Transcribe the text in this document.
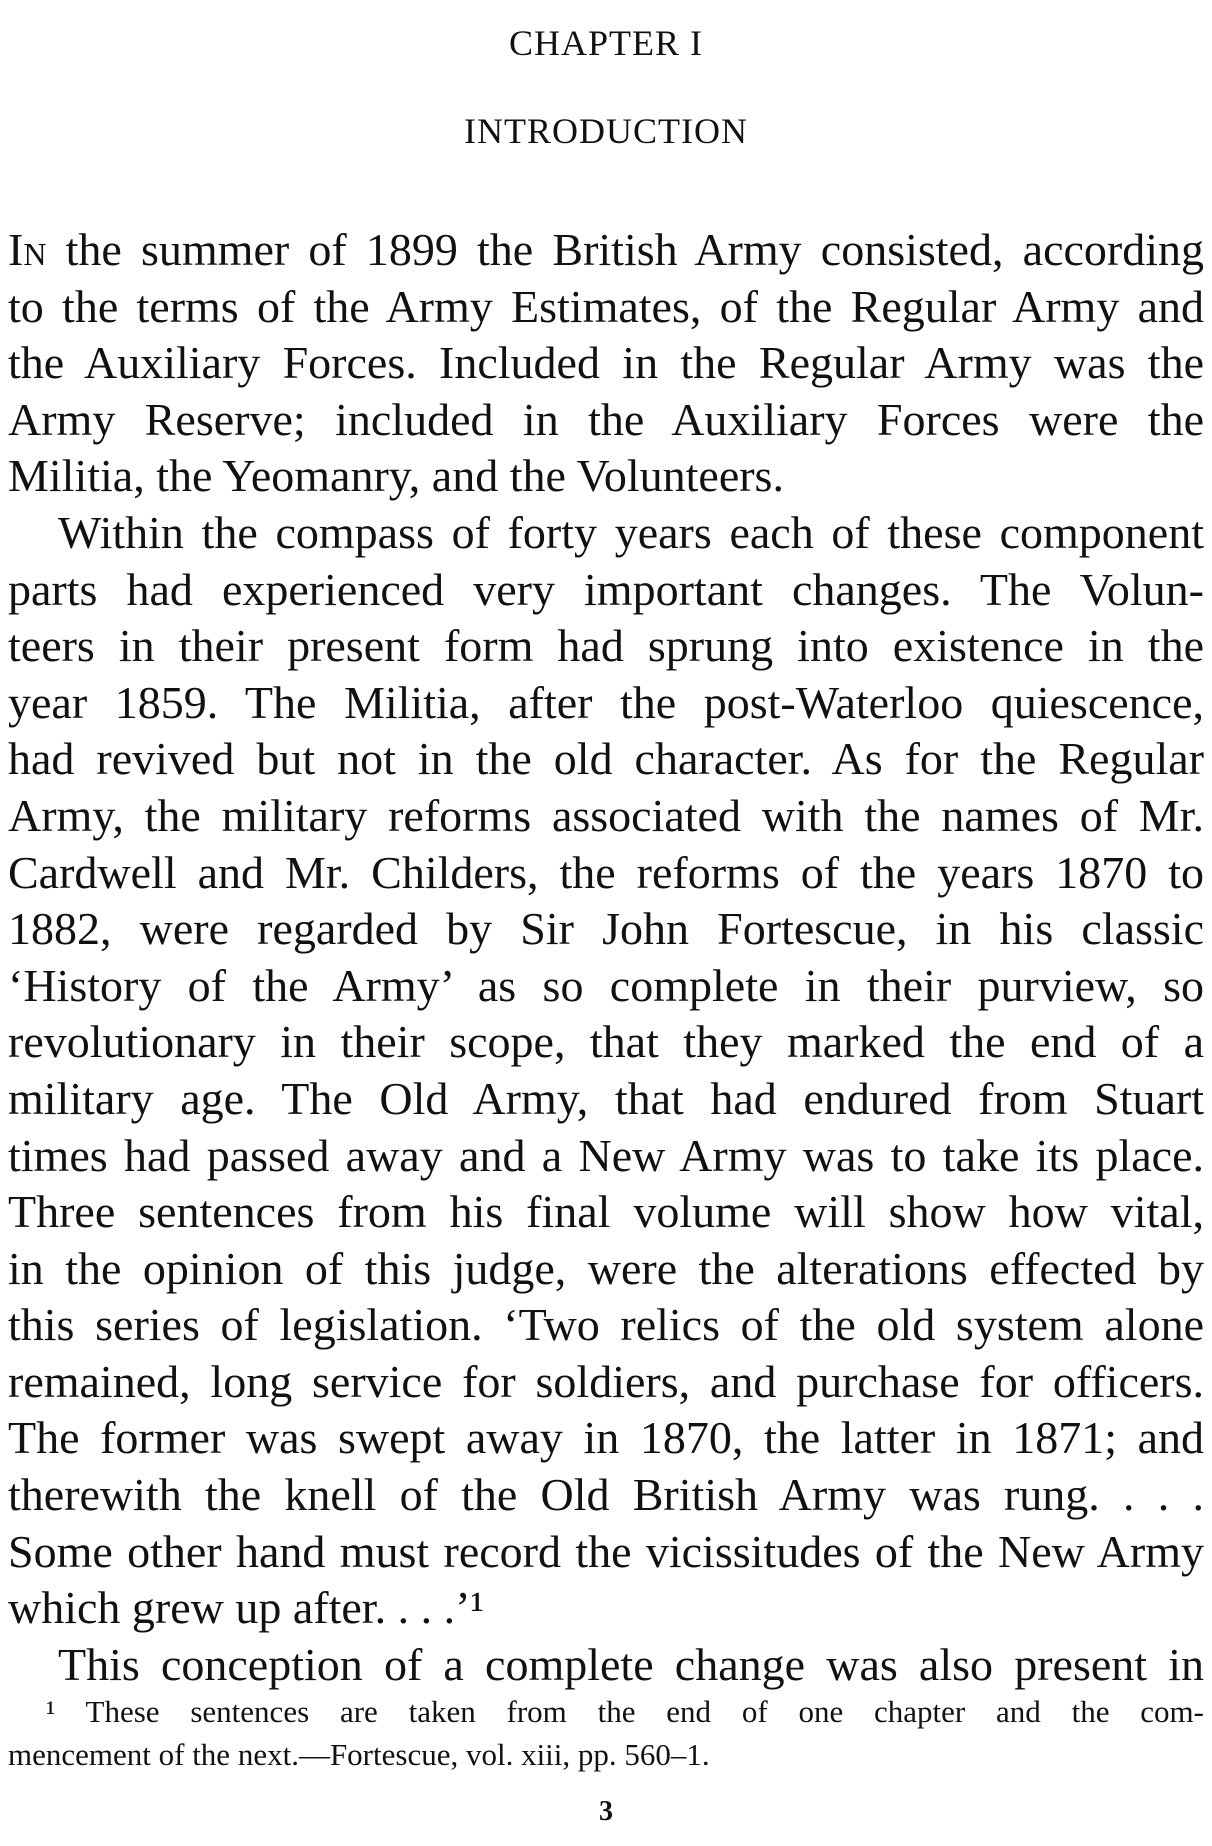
CHAPTER I
INTRODUCTION
In the summer of 1899 the British Army consisted, according
to the terms of the Army Estimates, of the Regular Army and
the Auxiliary Forces. Included in the Regular Army was the
Army Reserve; included in the Auxiliary Forces were the
Militia, the Yeomanry, and the Volunteers.
Within the compass of forty years each of these component
parts had experienced very important changes. The Volun-
teers in their present form had sprung into existence in the
year 1859. The Militia, after the post-Waterloo quiescence,
had revived but not in the old character. As for the Regular
Army, the military reforms associated with the names of Mr.
Cardwell and Mr. Childers, the reforms of the years 1870 to
1882, were regarded by Sir John Fortescue, in his classic
‘History of the Army’ as so complete in their purview, so
revolutionary in their scope, that they marked the end of a
military age. The Old Army, that had endured from Stuart
times had passed away and a New Army was to take its place.
Three sentences from his final volume will show how vital,
in the opinion of this judge, were the alterations effected by
this series of legislation. ‘Two relics of the old system alone
remained, long service for soldiers, and purchase for officers.
The former was swept away in 1870, the latter in 1871; and
therewith the knell of the Old British Army was rung. . . .
Some other hand must record the vicissitudes of the New Army
which grew up after. . . .’¹
This conception of a complete change was also present in
¹ These sentences are taken from the end of one chapter and the com-
mencement of the next.—Fortescue, vol. xiii, pp. 560–1.
3
